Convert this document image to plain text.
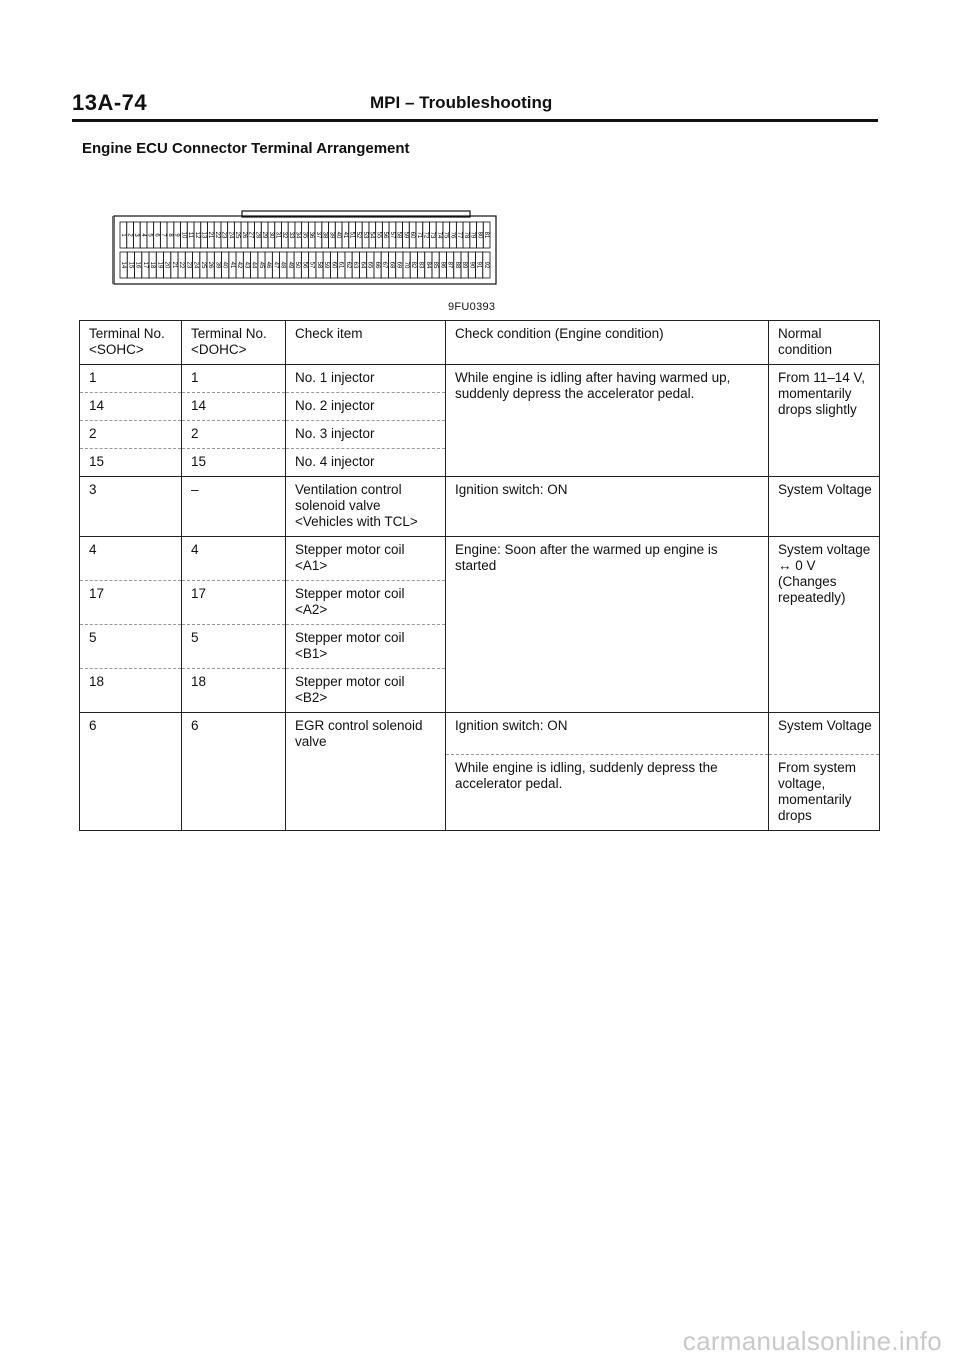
13A-74	MPI – Troubleshooting
Engine ECU Connector Terminal Arrangement
1 2 3 4 5 6 7 8 9 10 11 12 13 21 22 23 24 25 26 27 28 29 30 31 32 33 34 35 36 37 38 39 40 41 51 52 53 54 55 56 57 58 59 60 71 72 73 74 75 76 77 78 79 80 81
14 15 16 17 18 19 20 21 22 23 24 25 26 39 40 41 42 43 44 45 46 47 48 49 50 56 57 58 59 60 61 62 63 64 65 66 67 68 69 70 82 83 84 85 86 87 88 89 90 91 92
9FU0393
Terminal No. <SOHC>	Terminal No. <DOHC>	Check item	Check condition (Engine condition)	Normal condition
1	1	No. 1 injector	While engine is idling after having warmed up, suddenly depress the accelerator pedal.	From 11–14 V, momentarily drops slightly
14	14	No. 2 injector		
2	2	No. 3 injector		
15	15	No. 4 injector		
3	–	Ventilation control solenoid valve <Vehicles with TCL>	Ignition switch: ON	System Voltage
4	4	Stepper motor coil <A1>	Engine: Soon after the warmed up engine is started	System voltage ↔ 0 V (Changes repeatedly)
17	17	Stepper motor coil <A2>		
5	5	Stepper motor coil <B1>		
18	18	Stepper motor coil <B2>		
6	6	EGR control solenoid valve	Ignition switch: ON	System Voltage
			While engine is idling, suddenly depress the accelerator pedal.	From system voltage, momentarily drops
carmanualsonline.info
